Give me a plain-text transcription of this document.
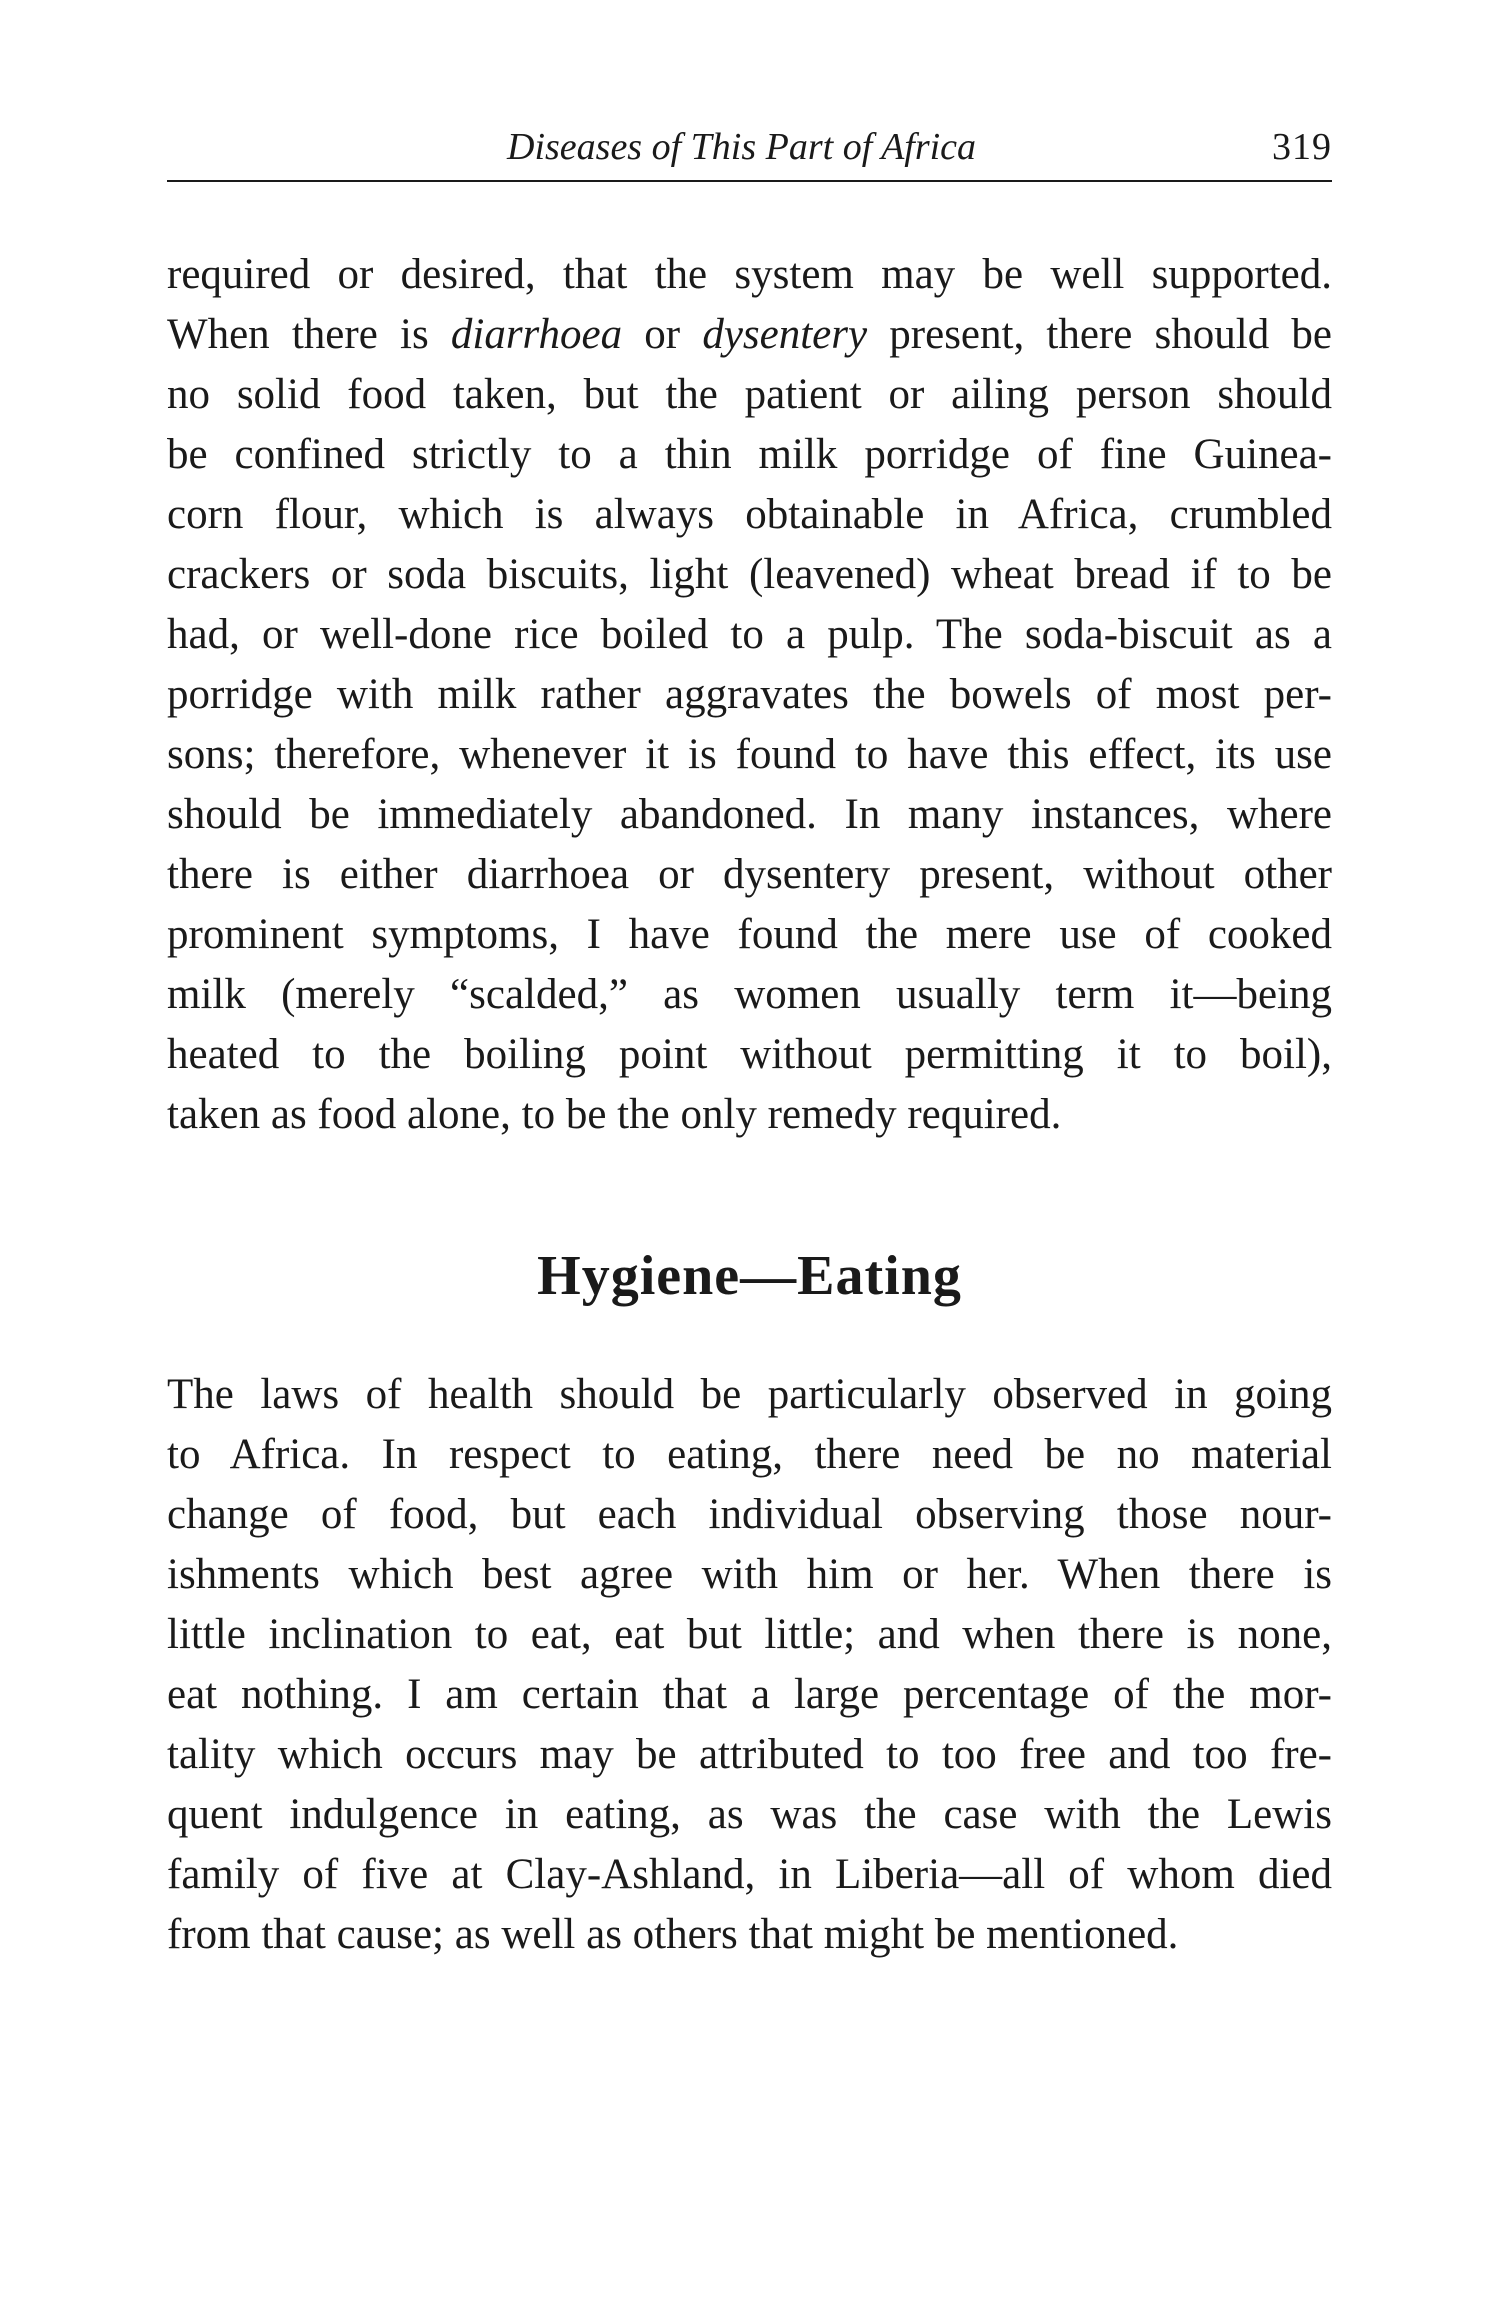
Diseases of This Part of Africa	319
required or desired, that the system may be well supported.
When there is diarrhoea or dysentery present, there should be
no solid food taken, but the patient or ailing person should
be confined strictly to a thin milk porridge of fine Guinea-
corn flour, which is always obtainable in Africa, crumbled
crackers or soda biscuits, light (leavened) wheat bread if to be
had, or well-done rice boiled to a pulp. The soda-biscuit as a
porridge with milk rather aggravates the bowels of most per-
sons; therefore, whenever it is found to have this effect, its use
should be immediately abandoned. In many instances, where
there is either diarrhoea or dysentery present, without other
prominent symptoms, I have found the mere use of cooked
milk (merely “scalded,” as women usually term it—being
heated to the boiling point without permitting it to boil),
taken as food alone, to be the only remedy required.
Hygiene—Eating
The laws of health should be particularly observed in going
to Africa. In respect to eating, there need be no material
change of food, but each individual observing those nour-
ishments which best agree with him or her. When there is
little inclination to eat, eat but little; and when there is none,
eat nothing. I am certain that a large percentage of the mor-
tality which occurs may be attributed to too free and too fre-
quent indulgence in eating, as was the case with the Lewis
family of five at Clay-Ashland, in Liberia—all of whom died
from that cause; as well as others that might be mentioned.
